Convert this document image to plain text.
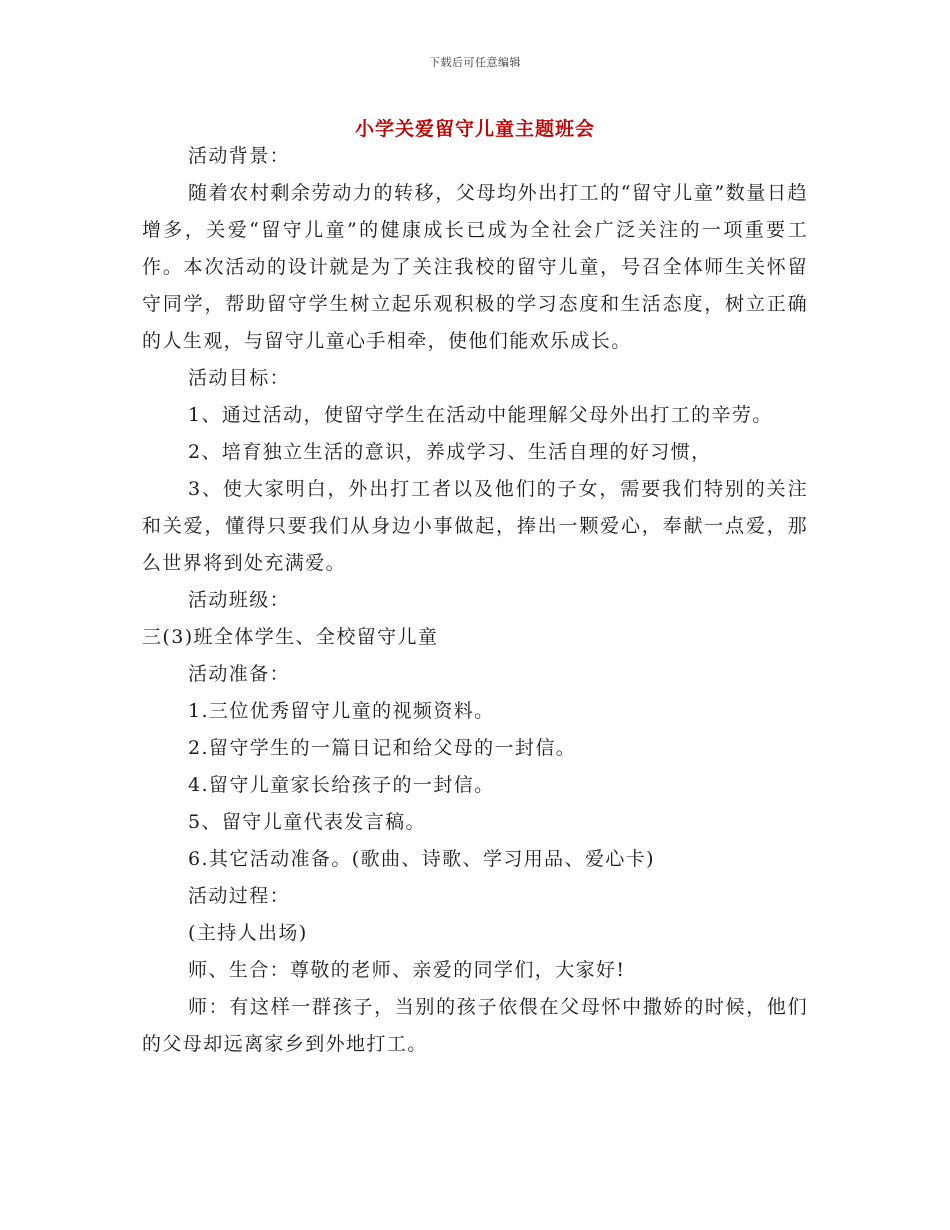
下载后可任意编辑
小学关爱留守儿童主题班会
活动背景：
随着农村剩余劳动力的转移，父母均外出打工的“留守儿童”数量日趋增多，关爱“留守儿童”的健康成长已成为全社会广泛关注的一项重要工作。本次活动的设计就是为了关注我校的留守儿童，号召全体师生关怀留守同学，帮助留守学生树立起乐观积极的学习态度和生活态度，树立正确的人生观，与留守儿童心手相牵，使他们能欢乐成长。
活动目标：
1、通过活动，使留守学生在活动中能理解父母外出打工的辛劳。
2、培育独立生活的意识，养成学习、生活自理的好习惯，
3、使大家明白，外出打工者以及他们的子女，需要我们特别的关注和关爱，懂得只要我们从身边小事做起，捧出一颗爱心，奉献一点爱，那么世界将到处充满爱。
活动班级：
三(3)班全体学生、全校留守儿童
活动准备：
1.三位优秀留守儿童的视频资料。
2.留守学生的一篇日记和给父母的一封信。
4.留守儿童家长给孩子的一封信。
5、留守儿童代表发言稿。
6.其它活动准备。(歌曲、诗歌、学习用品、爱心卡)
活动过程：
(主持人出场)
师、生合：尊敬的老师、亲爱的同学们，大家好!
师：有这样一群孩子，当别的孩子依偎在父母怀中撒娇的时候，他们的父母却远离家乡到外地打工。
